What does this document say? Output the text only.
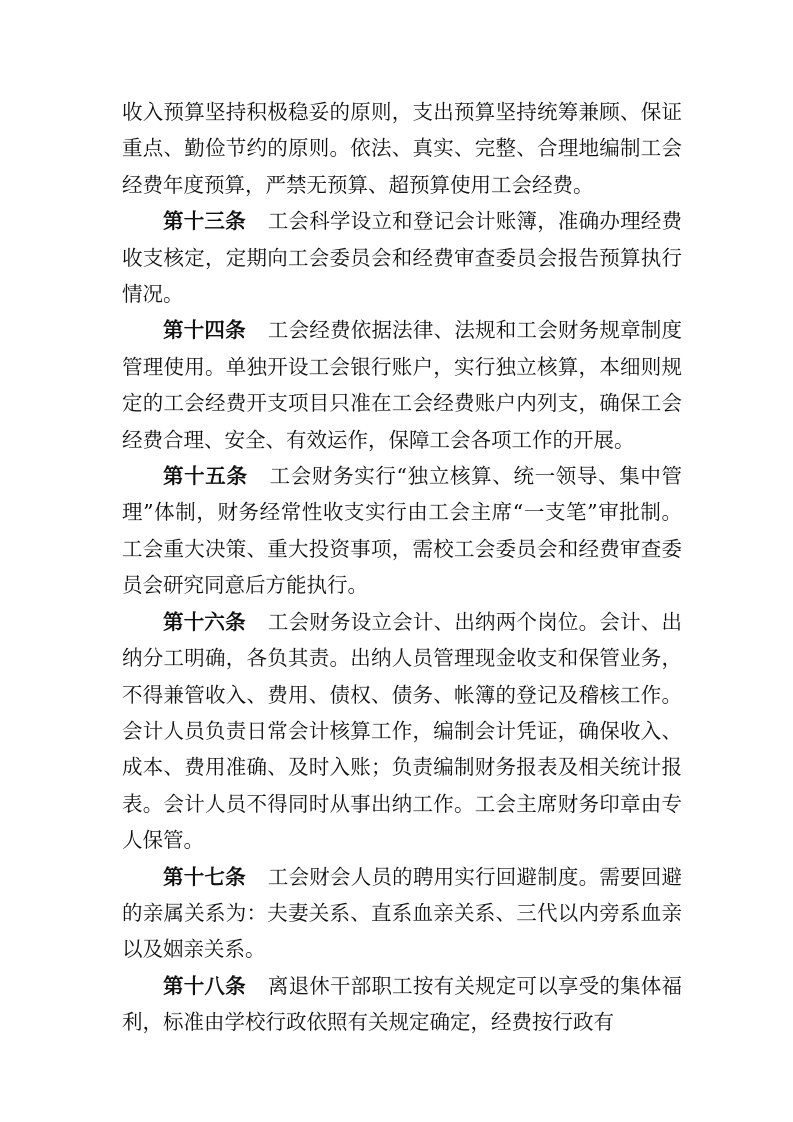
收入预算坚持积极稳妥的原则，支出预算坚持统筹兼顾、保证重点、勤俭节约的原则。依法、真实、完整、合理地编制工会经费年度预算，严禁无预算、超预算使用工会经费。

第十三条 工会科学设立和登记会计账簿，准确办理经费收支核定，定期向工会委员会和经费审查委员会报告预算执行情况。

第十四条 工会经费依据法律、法规和工会财务规章制度管理使用。单独开设工会银行账户，实行独立核算，本细则规定的工会经费开支项目只准在工会经费账户内列支，确保工会经费合理、安全、有效运作，保障工会各项工作的开展。

第十五条 工会财务实行“独立核算、统一领导、集中管理”体制，财务经常性收支实行由工会主席“一支笔”审批制。工会重大决策、重大投资事项，需校工会委员会和经费审查委员会研究同意后方能执行。

第十六条 工会财务设立会计、出纳两个岗位。会计、出纳分工明确，各负其责。出纳人员管理现金收支和保管业务，不得兼管收入、费用、债权、债务、帐簿的登记及稽核工作。会计人员负责日常会计核算工作，编制会计凭证，确保收入、成本、费用准确、及时入账；负责编制财务报表及相关统计报表。会计人员不得同时从事出纳工作。工会主席财务印章由专人保管。

第十七条 工会财会人员的聘用实行回避制度。需要回避的亲属关系为：夫妻关系、直系血亲关系、三代以内旁系血亲以及姻亲关系。

第十八条 离退休干部职工按有关规定可以享受的集体福利，标准由学校行政依照有关规定确定，经费按行政有
